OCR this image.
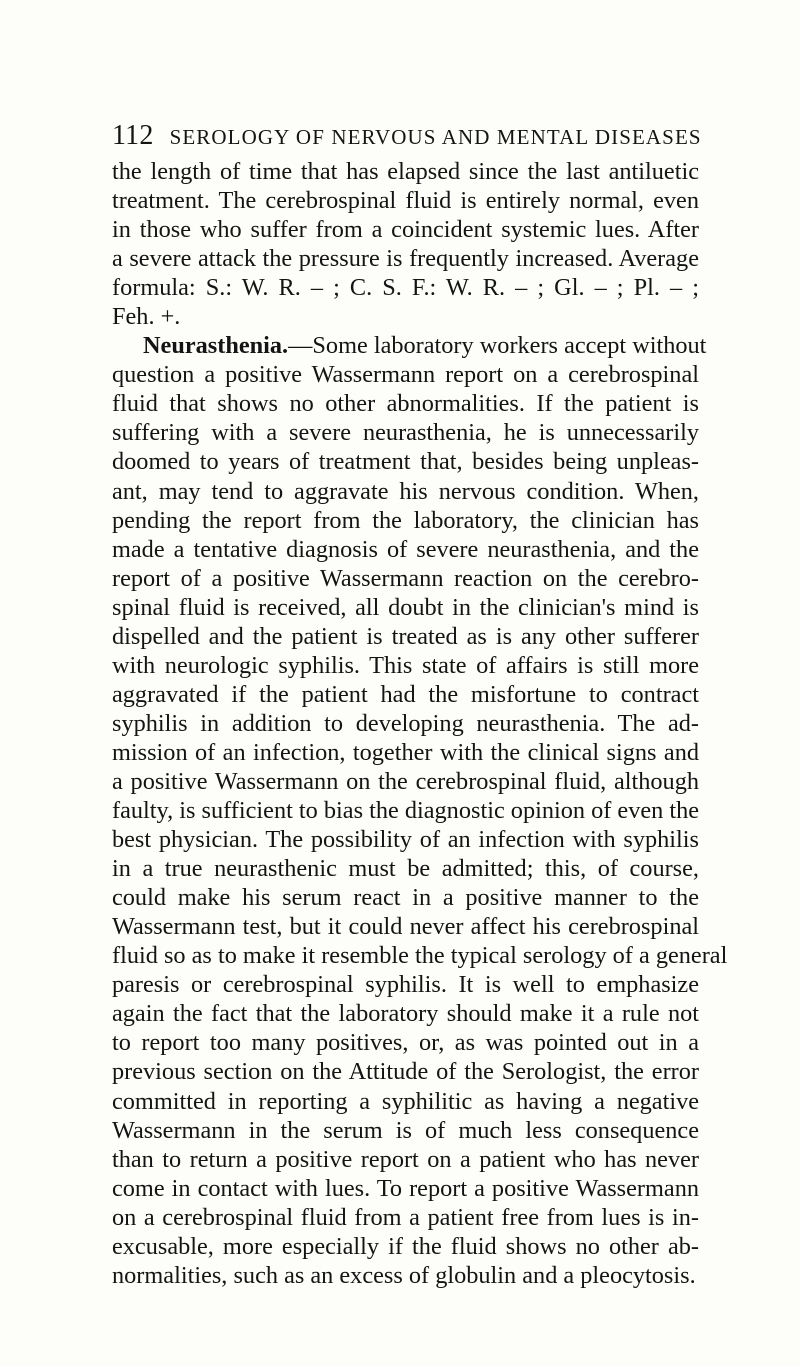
112 SEROLOGY OF NERVOUS AND MENTAL DISEASES
the length of time that has elapsed since the last antiluetic
treatment. The cerebrospinal fluid is entirely normal, even
in those who suffer from a coincident systemic lues. After
a severe attack the pressure is frequently increased. Average
formula: S.: W. R. – ; C. S. F.: W. R. – ; Gl. – ; Pl. – ;
Feh. +.
Neurasthenia.—Some laboratory workers accept without
question a positive Wassermann report on a cerebrospinal
fluid that shows no other abnormalities. If the patient is
suffering with a severe neurasthenia, he is unnecessarily
doomed to years of treatment that, besides being unpleas-
ant, may tend to aggravate his nervous condition. When,
pending the report from the laboratory, the clinician has
made a tentative diagnosis of severe neurasthenia, and the
report of a positive Wassermann reaction on the cerebro-
spinal fluid is received, all doubt in the clinician's mind is
dispelled and the patient is treated as is any other sufferer
with neurologic syphilis. This state of affairs is still more
aggravated if the patient had the misfortune to contract
syphilis in addition to developing neurasthenia. The ad-
mission of an infection, together with the clinical signs and
a positive Wassermann on the cerebrospinal fluid, although
faulty, is sufficient to bias the diagnostic opinion of even the
best physician. The possibility of an infection with syphilis
in a true neurasthenic must be admitted; this, of course,
could make his serum react in a positive manner to the
Wassermann test, but it could never affect his cerebrospinal
fluid so as to make it resemble the typical serology of a general
paresis or cerebrospinal syphilis. It is well to emphasize
again the fact that the laboratory should make it a rule not
to report too many positives, or, as was pointed out in a
previous section on the Attitude of the Serologist, the error
committed in reporting a syphilitic as having a negative
Wassermann in the serum is of much less consequence
than to return a positive report on a patient who has never
come in contact with lues. To report a positive Wassermann
on a cerebrospinal fluid from a patient free from lues is in-
excusable, more especially if the fluid shows no other ab-
normalities, such as an excess of globulin and a pleocytosis.
